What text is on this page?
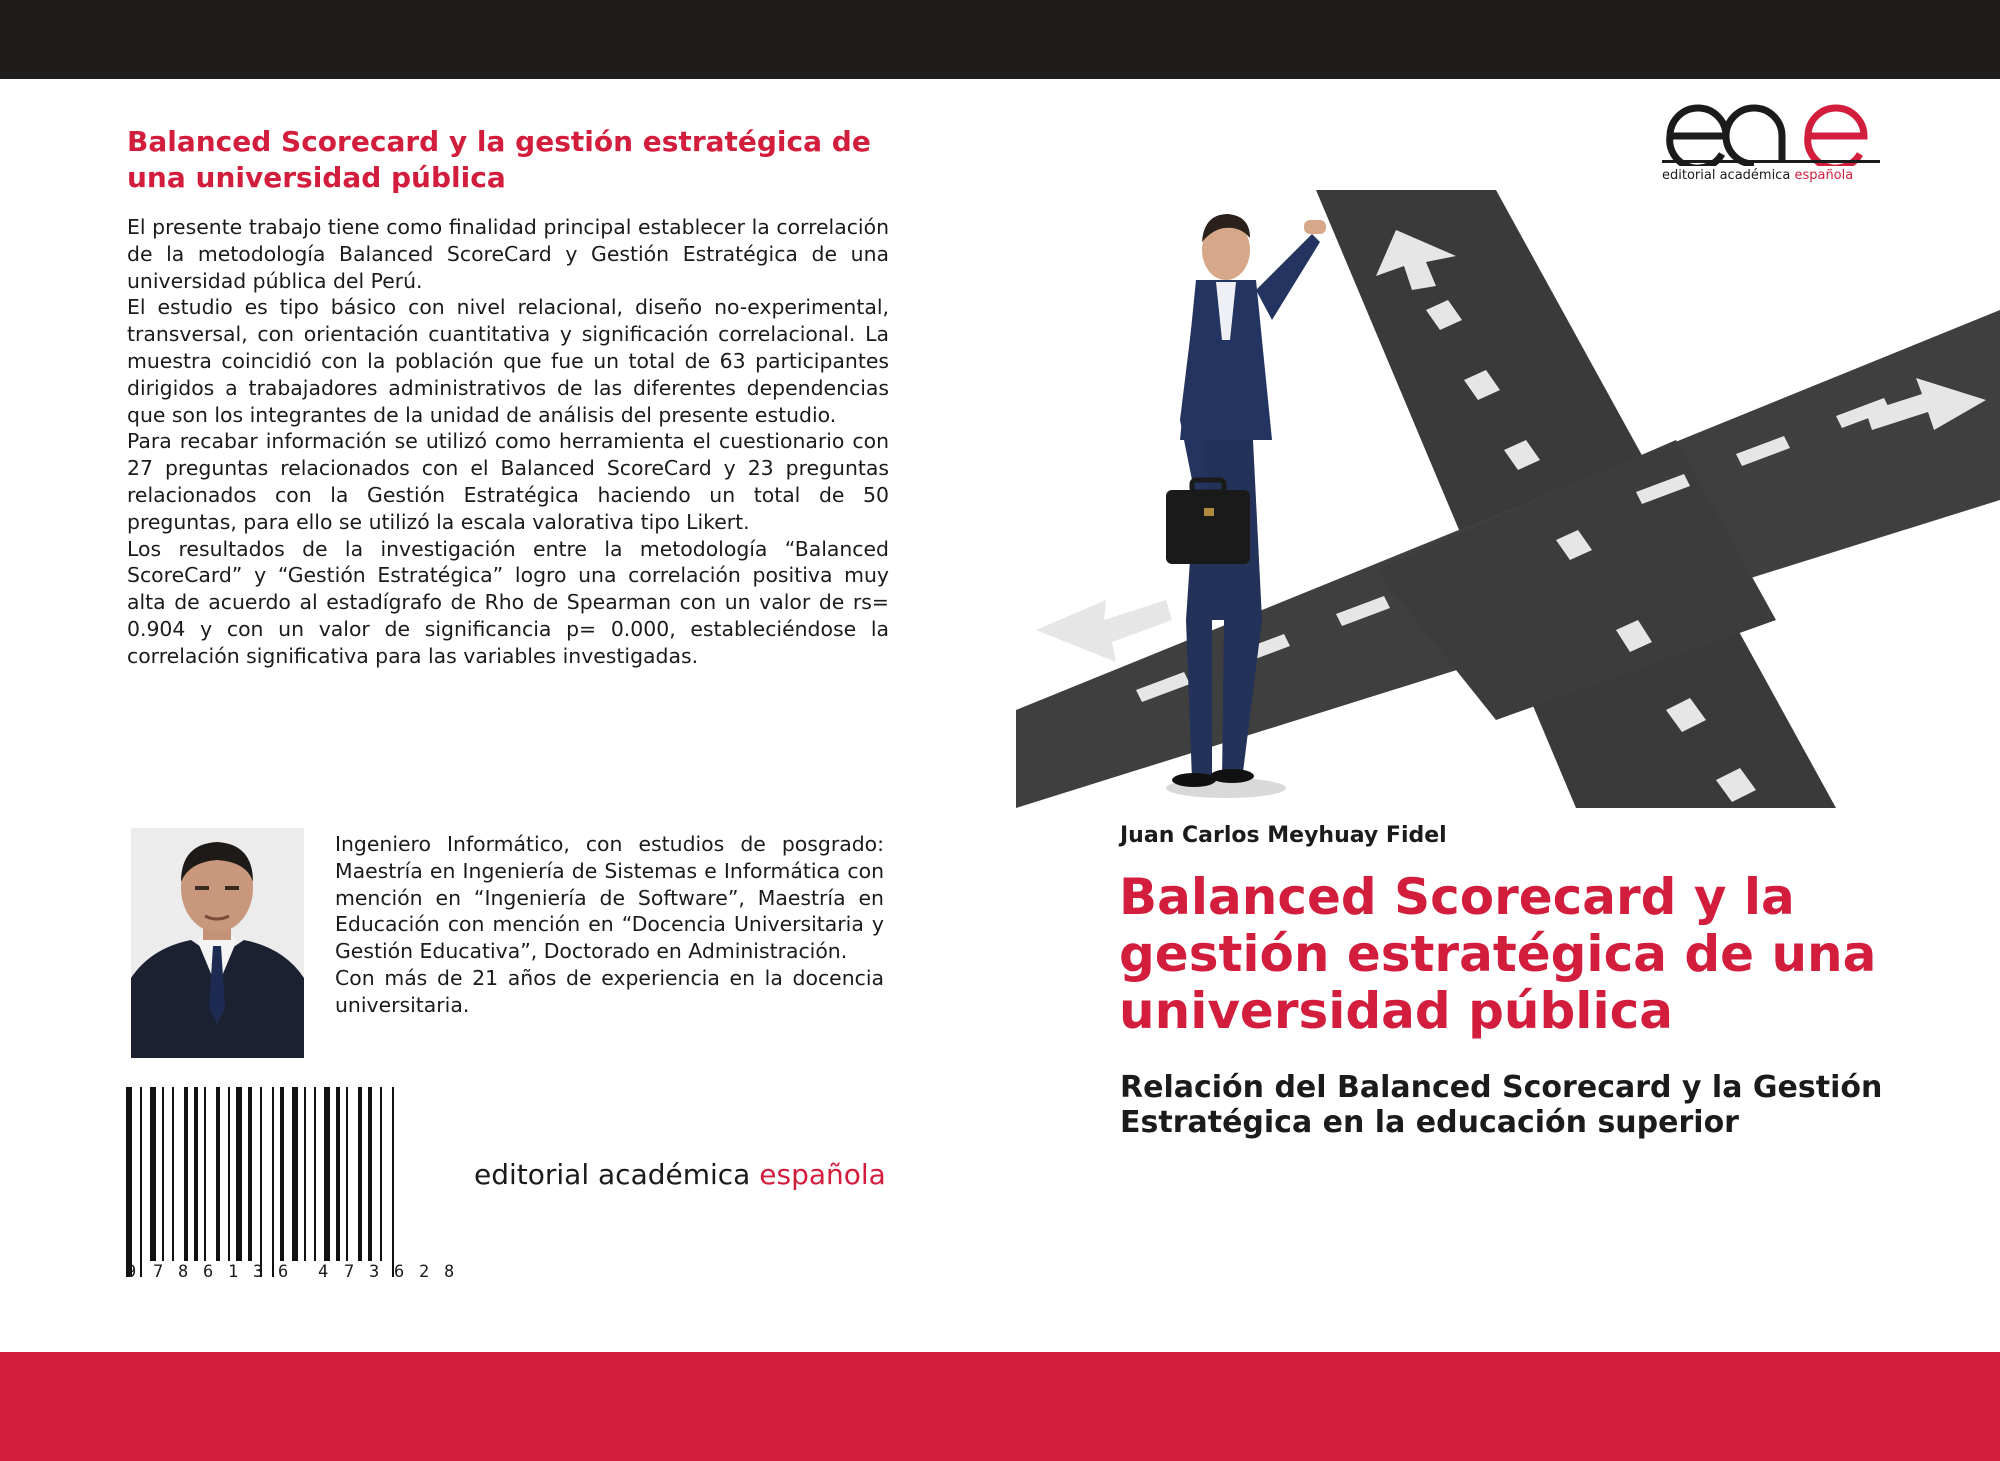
Balanced Scorecard y la gestión estratégica de una universidad pública

El presente trabajo tiene como finalidad principal establecer la correlación de la metodología Balanced ScoreCard y Gestión Estratégica de una universidad pública del Perú.

El estudio es tipo básico con nivel relacional, diseño no-experimental, transversal, con orientación cuantitativa y significación correlacional. La muestra coincidió con la población que fue un total de 63 participantes dirigidos a trabajadores administrativos de las diferentes dependencias que son los integrantes de la unidad de análisis del presente estudio.

Para recabar información se utilizó como herramienta el cuestionario con 27 preguntas relacionados con el Balanced ScoreCard y 23 preguntas relacionados con la Gestión Estratégica haciendo un total de 50 preguntas, para ello se utilizó la escala valorativa tipo Likert.

Los resultados de la investigación entre la metodología “Balanced ScoreCard” y “Gestión Estratégica” logro una correlación positiva muy alta de acuerdo al estadígrafo de Rho de Spearman con un valor de rs= 0.904 y con un valor de significancia p= 0.000, estableciéndose la correlación significativa para las variables investigadas.

Ingeniero Informático, con estudios de posgrado: Maestría en Ingeniería de Sistemas e Informática con mención en “Ingeniería de Software”, Maestría en Educación con mención en “Docencia Universitaria y Gestión Educativa”, Doctorado en Administración.

Con más de 21 años de experiencia en la docencia universitaria.

9 7 8 6 1 3 6 4 7 3 6 2 8
editorial académica española
editorial académica española
Juan Carlos Meyhuay Fidel
Balanced Scorecard y la gestión estratégica de una universidad pública
Relación del Balanced Scorecard y la Gestión Estratégica en la educación superior
